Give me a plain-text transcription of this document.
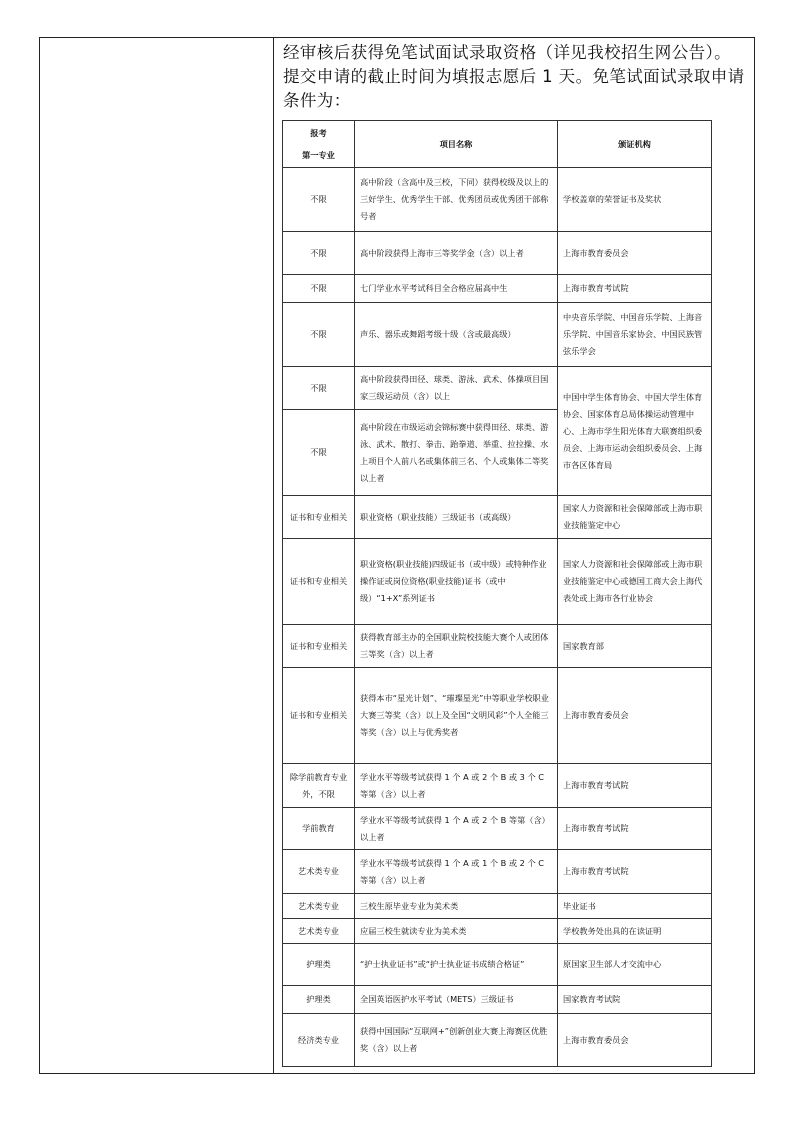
经审核后获得免笔试面试录取资格（详见我校招生网公告）。提交申请的截止时间为填报志愿后 1 天。免笔试面试录取申请条件为：
报考
第一专业	项目名称	颁证机构
不限	高中阶段（含高中及三校，下同）获得校级及以上的三好学生、优秀学生干部、优秀团员或优秀团干部称号者	学校盖章的荣誉证书及奖状
不限	高中阶段获得上海市三等奖学金（含）以上者	上海市教育委员会
不限	七门学业水平考试科目全合格应届高中生	上海市教育考试院
不限	声乐、器乐或舞蹈考级十级（含或最高级）	中央音乐学院、中国音乐学院、上海音乐学院、中国音乐家协会、中国民族管弦乐学会
不限	高中阶段获得田径、球类、游泳、武术、体操项目国家三级运动员（含）以上	中国中学生体育协会、中国大学生体育协会、国家体育总局体操运动管理中心、上海市学生阳光体育大联赛组织委员会、上海市运动会组织委员会、上海市各区体育局
不限	高中阶段在市级运动会锦标赛中获得田径、球类、游泳、武术、散打、拳击、跆拳道、举重、拉拉操、水上项目个人前八名或集体前三名、个人或集体二等奖以上者	
证书和专业相关	职业资格（职业技能）三级证书（或高级）	国家人力资源和社会保障部或上海市职业技能鉴定中心
证书和专业相关	职业资格(职业技能)四级证书（或中级）或特种作业操作证或岗位资格(职业技能)证书（或中级）“1+X”系列证书	国家人力资源和社会保障部或上海市职业技能鉴定中心或德国工商大会上海代表处或上海市各行业协会
证书和专业相关	获得教育部主办的全国职业院校技能大赛个人或团体三等奖（含）以上者	国家教育部
证书和专业相关	获得本市“星光计划”、“璀璨星光”中等职业学校职业大赛三等奖（含）以上及全国“文明风彩”个人全能三等奖（含）以上与优秀奖者	上海市教育委员会
除学前教育专业外，不限	学业水平等级考试获得 1 个 A 或 2 个 B 或 3 个 C 等第（含）以上者	上海市教育考试院
学前教育	学业水平等级考试获得 1 个 A 或 2 个 B 等第（含）以上者	上海市教育考试院
艺术类专业	学业水平等级考试获得 1 个 A 或 1 个 B 或 2 个 C 等第（含）以上者	上海市教育考试院
艺术类专业	三校生原毕业专业为美术类	毕业证书
艺术类专业	应届三校生就读专业为美术类	学校教务处出具的在读证明
护理类	“护士执业证书”或“护士执业证书成绩合格证”	原国家卫生部人才交流中心
护理类	全国英语医护水平考试（METS）三级证书	国家教育考试院
经济类专业	获得中国国际“互联网+”创新创业大赛上海赛区优胜奖（含）以上者	上海市教育委员会
